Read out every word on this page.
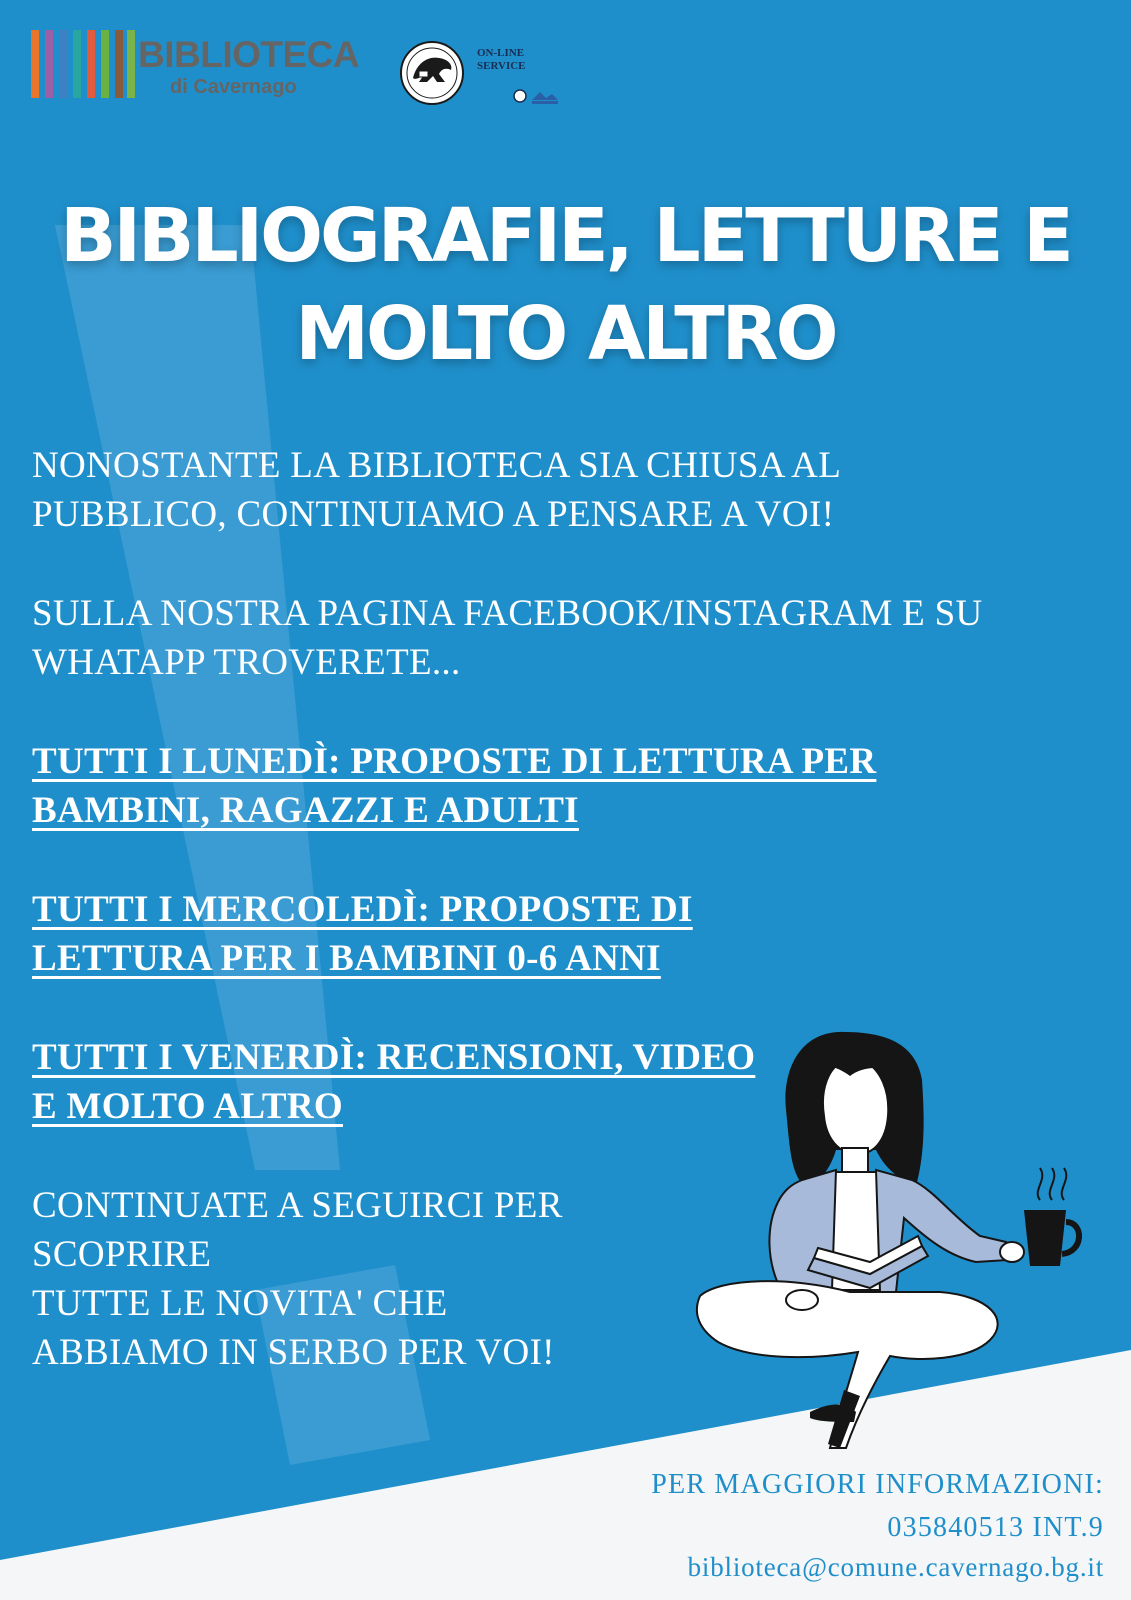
BIBLIOTECA
di Cavernago
ON-LINE
SERVICE
BIBLIOGRAFIE, LETTURE E
MOLTO ALTRO
NONOSTANTE LA BIBLIOTECA SIA CHIUSA AL
PUBBLICO, CONTINUIAMO A PENSARE A VOI!
SULLA NOSTRA PAGINA FACEBOOK/INSTAGRAM E SU
WHATAPP TROVERETE...
TUTTI I LUNEDÌ: PROPOSTE DI LETTURA PER
BAMBINI, RAGAZZI E ADULTI
TUTTI I MERCOLEDÌ: PROPOSTE DI
LETTURA PER I BAMBINI 0-6 ANNI
TUTTI I VENERDÌ: RECENSIONI, VIDEO
E MOLTO ALTRO
CONTINUATE A SEGUIRCI PER
SCOPRIRE
TUTTE LE NOVITA' CHE
ABBIAMO IN SERBO PER VOI!
PER MAGGIORI INFORMAZIONI:
035840513 INT.9
biblioteca@comune.cavernago.bg.it
